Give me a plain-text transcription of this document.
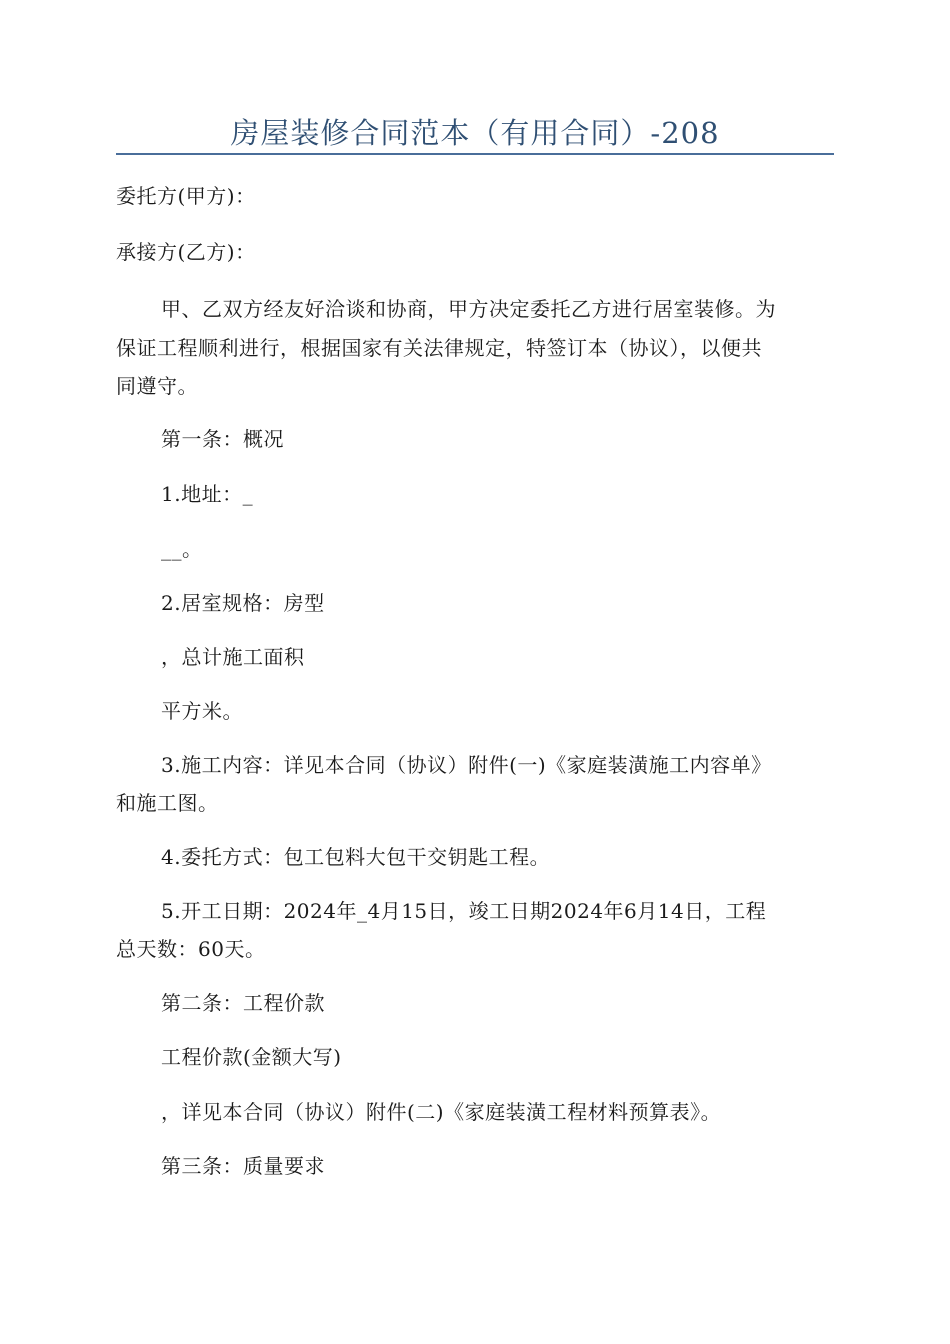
房屋装修合同范本（有用合同）-208
委托方(甲方)：
承接方(乙方)：
甲、乙双方经友好洽谈和协商，甲方决定委托乙方进行居室装修。为
保证工程顺利进行，根据国家有关法律规定，特签订本（协议），以便共
同遵守。
第一条：概况
1.地址：_
__。
2.居室规格：房型
，总计施工面积
平方米。
3.施工内容：详见本合同（协议）附件(一)《家庭装潢施工内容单》
和施工图。
4.委托方式：包工包料大包干交钥匙工程。
5.开工日期：2024年_4月15日，竣工日期2024年6月14日，工程
总天数：60天。
第二条：工程价款
工程价款(金额大写)
，详见本合同（协议）附件(二)《家庭装潢工程材料预算表》。
第三条：质量要求
